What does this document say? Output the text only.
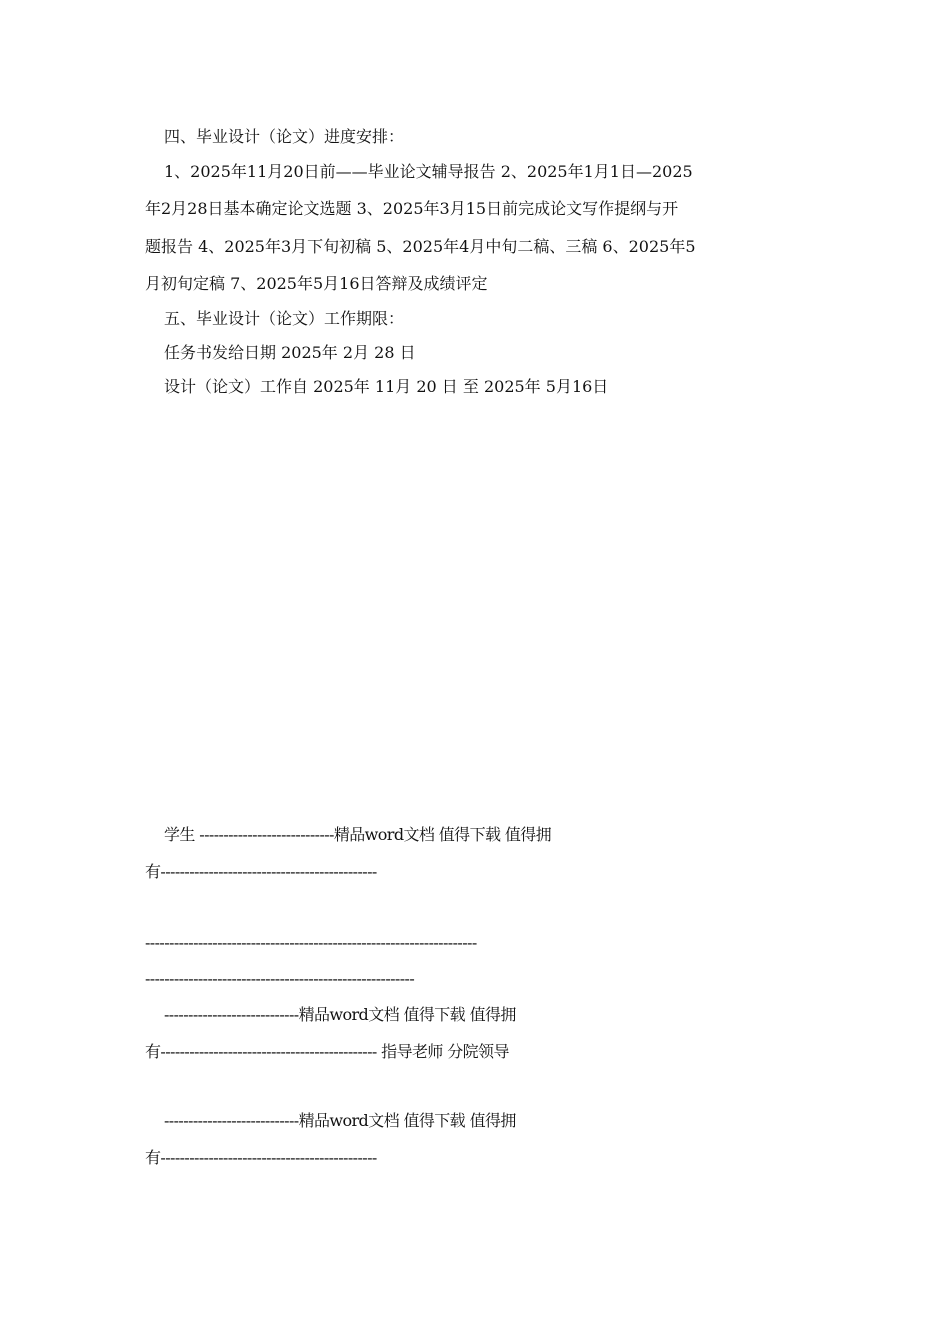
四、毕业设计（论文）进度安排：
1、2025年11月20日前——毕业论文辅导报告 2、2025年1月1日—2025
年2月28日基本确定论文选题 3、2025年3月15日前完成论文写作提纲与开
题报告 4、2025年3月下旬初稿 5、2025年4月中旬二稿、三稿 6、2025年5
月初旬定稿 7、2025年5月16日答辩及成绩评定
五、毕业设计（论文）工作期限：
任务书发给日期 2025年 2月 28 日
设计（论文）工作自 2025年 11月 20 日 至 2025年 5月16日
学生 ----------------------------精品word文档 值得下载 值得拥
有---------------------------------------------
---------------------------------------------------------------------
--------------------------------------------------------
----------------------------精品word文档 值得下载 值得拥
有--------------------------------------------- 指导老师 分院领导
----------------------------精品word文档 值得下载 值得拥
有---------------------------------------------
